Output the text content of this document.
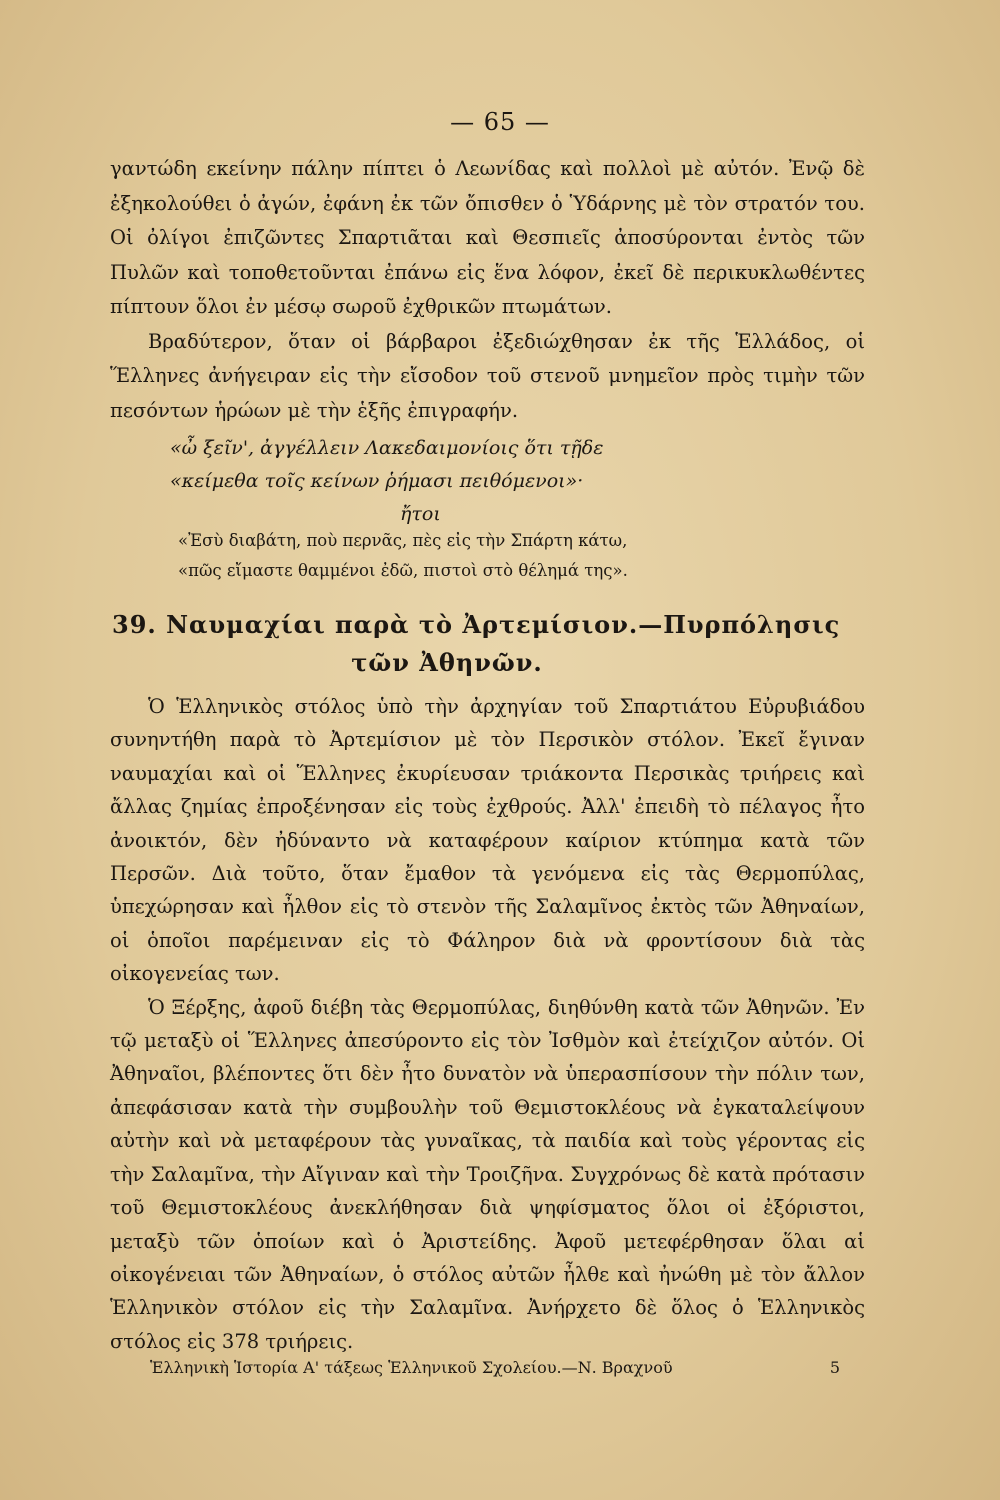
— 65 —

γαντώδη εκείνην πάλην πίπτει ὁ Λεωνίδας καὶ πολλοὶ μὲ αὐτόν. Ἐνῷ δὲ ἐξηκολούθει ὁ ἀγών, ἐφάνη ἐκ τῶν ὄπισθεν ὁ Ὑδάρνης μὲ τὸν στρατόν του. Οἱ ὀλίγοι ἐπιζῶντες Σπαρτιᾶται καὶ Θεσπιεῖς ἀποσύρονται ἐντὸς τῶν Πυλῶν καὶ τοποθετοῦνται ἐπάνω εἰς ἕνα λόφον, ἐκεῖ δὲ περικυκλωθέντες πίπτουν ὅλοι ἐν μέσῳ σωροῦ ἐχθρικῶν πτωμάτων.

Βραδύτερον, ὅταν οἱ βάρβαροι ἐξεδιώχθησαν ἐκ τῆς Ἑλλάδος, οἱ Ἕλληνες ἀνήγειραν εἰς τὴν εἴσοδον τοῦ στενοῦ μνημεῖον πρὸς τιμὴν τῶν πεσόντων ἡρώων μὲ τὴν ἑξῆς ἐπιγραφήν.

«ὦ ξεῖν', ἀγγέλλειν Λακεδαιμονίοις ὅτι τῇδε
«κείμεθα τοῖς κείνων ῥήμασι πειθόμενοι»·
ἤτοι
«Ἐσὺ διαβάτη, ποὺ περνᾶς, πὲς εἰς τὴν Σπάρτη κάτω,
«πῶς εἴμαστε θαμμένοι ἐδῶ, πιστοὶ στὸ θέλημά της».
39. Ναυμαχίαι παρὰ τὸ Ἀρτεμίσιον.—Πυρπόλησις
τῶν Ἀθηνῶν.

Ὁ Ἑλληνικὸς στόλος ὑπὸ τὴν ἀρχηγίαν τοῦ Σπαρτιάτου Εὐρυβιάδου συνηντήθη παρὰ τὸ Ἀρτεμίσιον μὲ τὸν Περσικὸν στόλον. Ἐκεῖ ἔγιναν ναυμαχίαι καὶ οἱ Ἕλληνες ἐκυρίευσαν τριάκοντα Περσικὰς τριήρεις καὶ ἄλλας ζημίας ἐπροξένησαν εἰς τοὺς ἐχθρούς. Ἀλλ' ἐπειδὴ τὸ πέλαγος ἦτο ἀνοικτόν, δὲν ἠδύναντο νὰ καταφέρουν καίριον κτύπημα κατὰ τῶν Περσῶν. Διὰ τοῦτο, ὅταν ἔμαθον τὰ γενόμενα εἰς τὰς Θερμοπύλας, ὑπεχώρησαν καὶ ἦλθον εἰς τὸ στενὸν τῆς Σαλαμῖνος ἐκτὸς τῶν Ἀθηναίων, οἱ ὁποῖοι παρέμειναν εἰς τὸ Φάληρον διὰ νὰ φροντίσουν διὰ τὰς οἰκογενείας των.

Ὁ Ξέρξης, ἀφοῦ διέβη τὰς Θερμοπύλας, διηθύνθη κατὰ τῶν Ἀθηνῶν. Ἐν τῷ μεταξὺ οἱ Ἕλληνες ἀπεσύροντο εἰς τὸν Ἰσθμὸν καὶ ἐτείχιζον αὐτόν. Οἱ Ἀθηναῖοι, βλέποντες ὅτι δὲν ἦτο δυνατὸν νὰ ὑπερασπίσουν τὴν πόλιν των, ἀπεφάσισαν κατὰ τὴν συμβουλὴν τοῦ Θεμιστοκλέους νὰ ἐγκαταλείψουν αὐτὴν καὶ νὰ μεταφέρουν τὰς γυναῖκας, τὰ παιδία καὶ τοὺς γέροντας εἰς τὴν Σαλαμῖνα, τὴν Αἴγιναν καὶ τὴν Τροιζῆνα. Συγχρόνως δὲ κατὰ πρότασιν τοῦ Θεμιστοκλέους ἀνεκλήθησαν διὰ ψηφίσματος ὅλοι οἱ ἐξόριστοι, μεταξὺ τῶν ὁποίων καὶ ὁ Ἀριστείδης. Ἀφοῦ μετεφέρθησαν ὅλαι αἱ οἰκογένειαι τῶν Ἀθηναίων, ὁ στόλος αὐτῶν ἦλθε καὶ ἠνώθη μὲ τὸν ἄλλον Ἑλληνικὸν στόλον εἰς τὴν Σαλαμῖνα. Ἀνήρχετο δὲ ὅλος ὁ Ἑλληνικὸς στόλος εἰς 378 τριήρεις.

Ἑλληνικὴ Ἱστορία Α' τάξεως Ἑλληνικοῦ Σχολείου.—Ν. Βραχνοῦ	5
